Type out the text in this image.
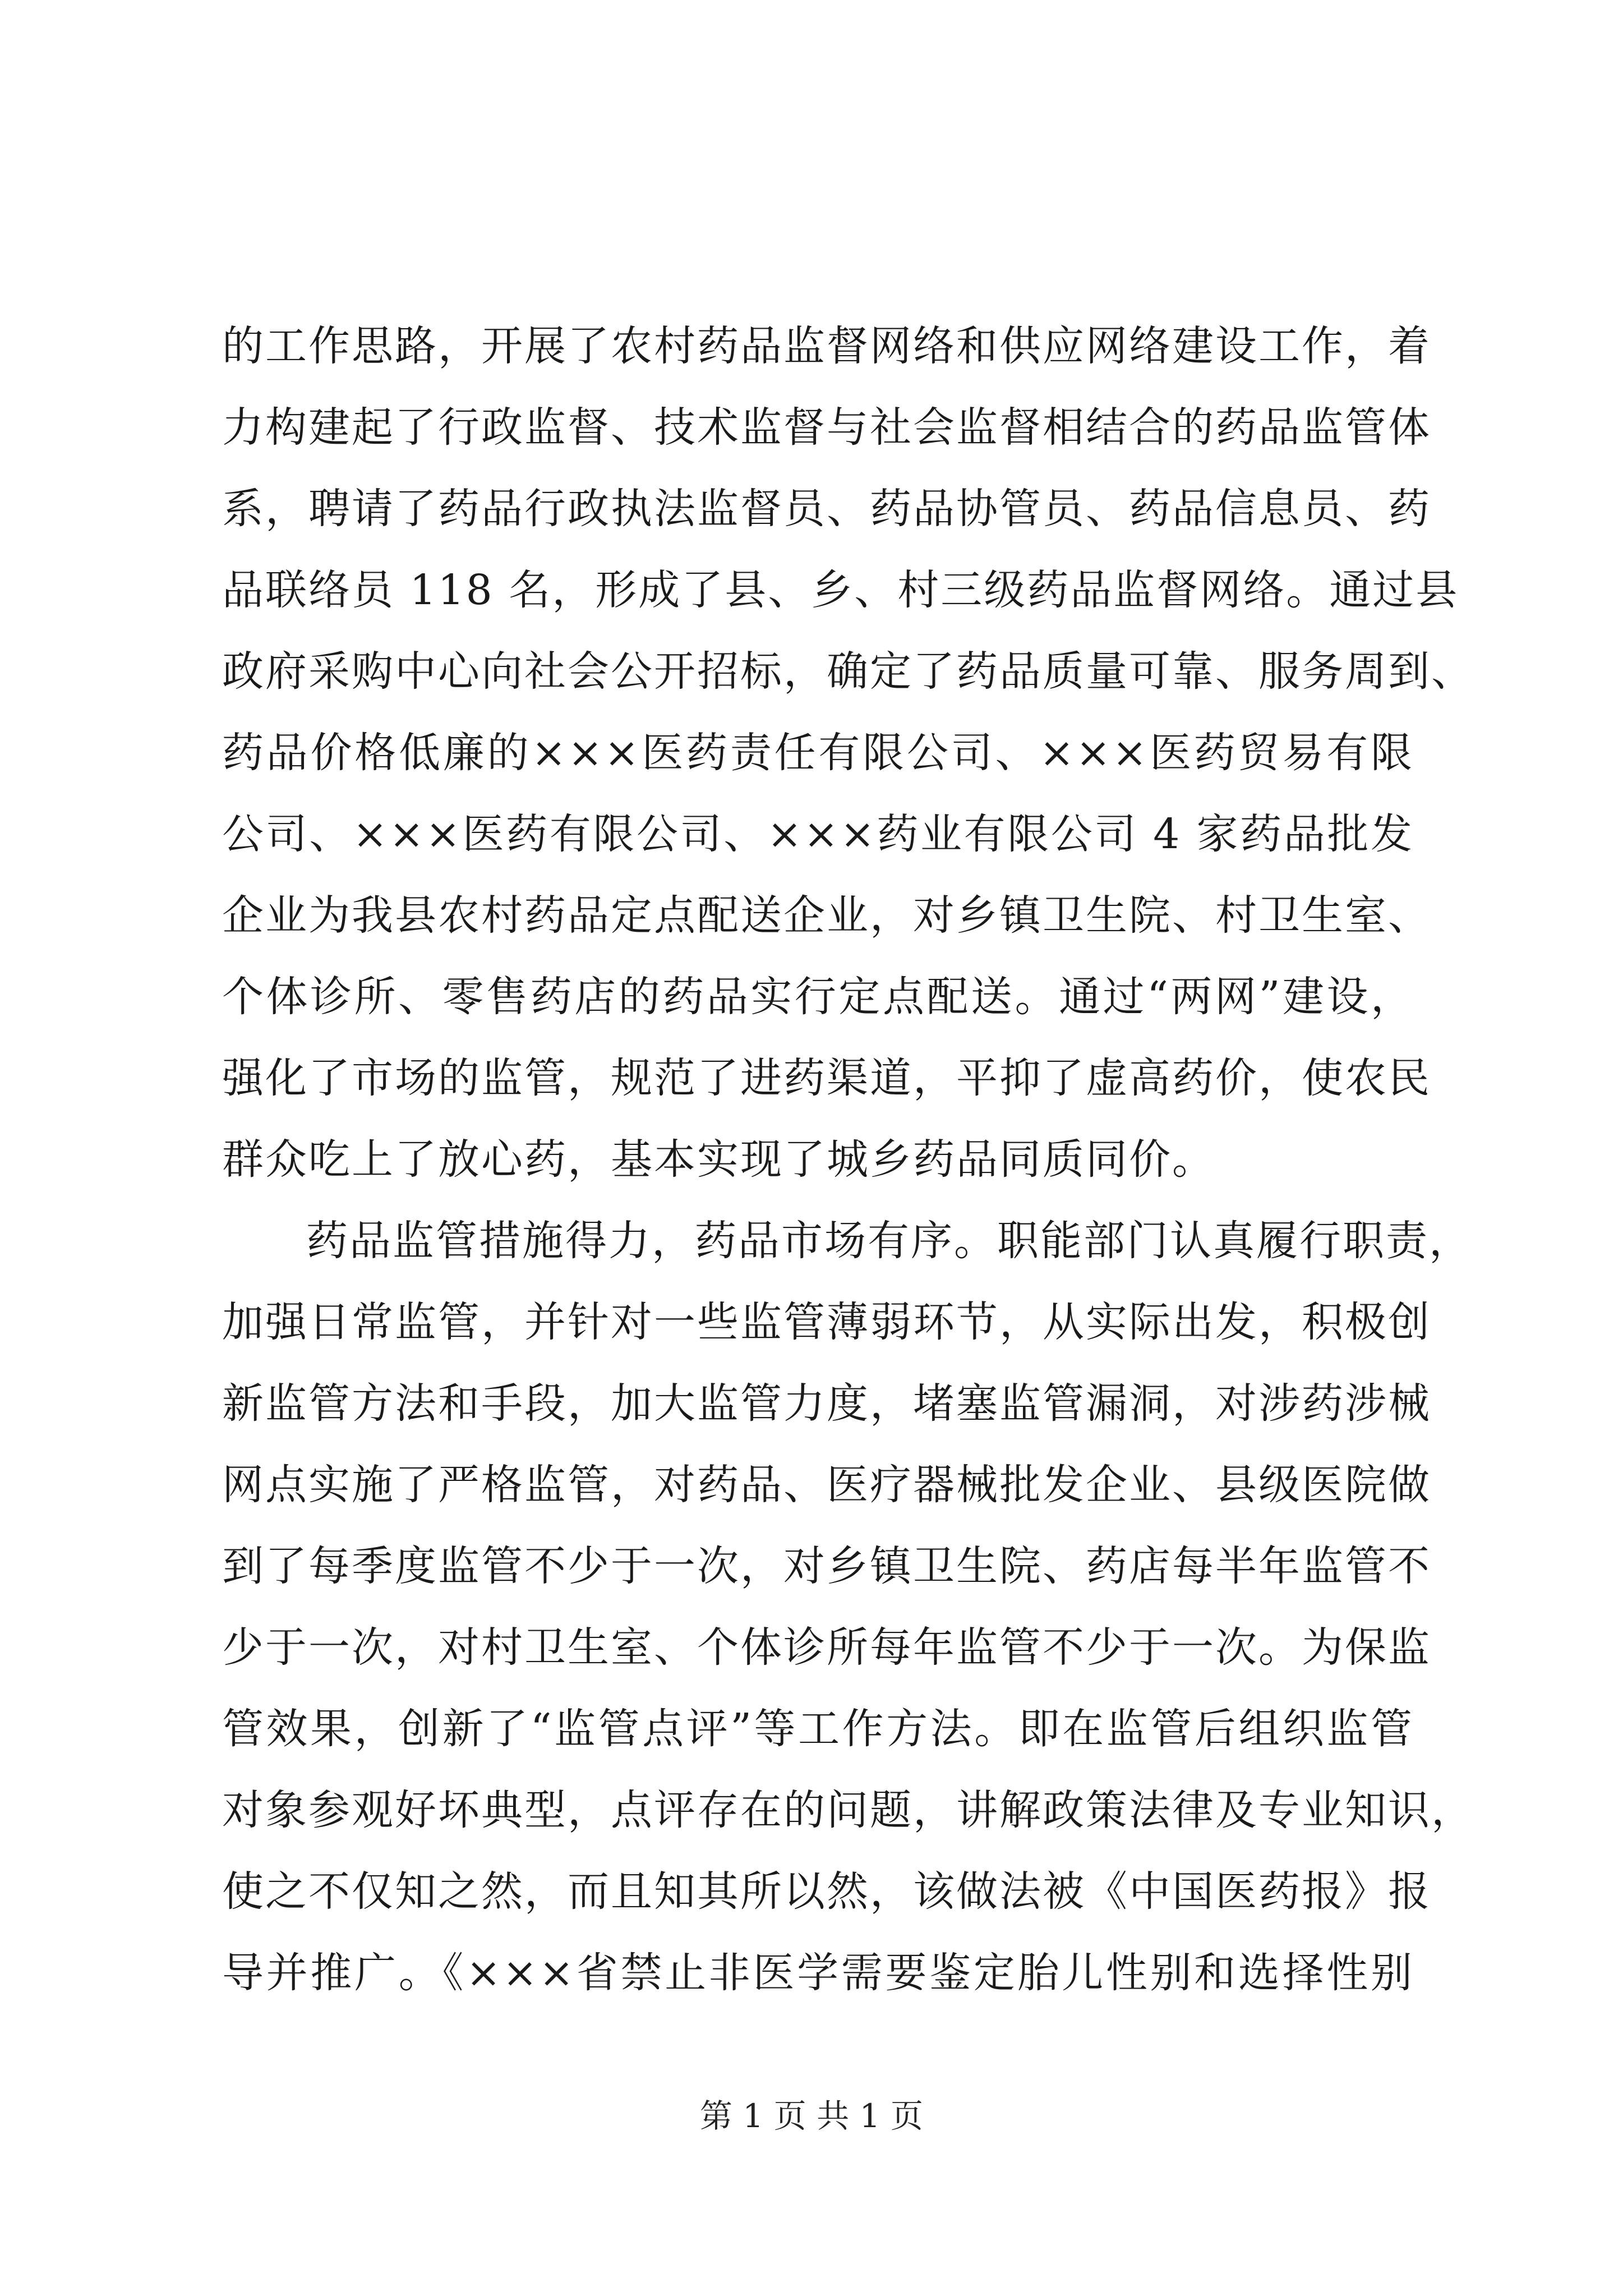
的工作思路，开展了农村药品监督网络和供应网络建设工作，着
力构建起了行政监督、技术监督与社会监督相结合的药品监管体
系，聘请了药品行政执法监督员、药品协管员、药品信息员、药
品联络员 118 名，形成了县、乡、村三级药品监督网络。通过县
政府采购中心向社会公开招标，确定了药品质量可靠、服务周到、
药品价格低廉的×××医药责任有限公司、×××医药贸易有限
公司、×××医药有限公司、×××药业有限公司 4 家药品批发
企业为我县农村药品定点配送企业，对乡镇卫生院、村卫生室、
个体诊所、零售药店的药品实行定点配送。通过“两网”建设，
强化了市场的监管，规范了进药渠道，平抑了虚高药价，使农民
群众吃上了放心药，基本实现了城乡药品同质同价。
药品监管措施得力，药品市场有序。职能部门认真履行职责，
加强日常监管，并针对一些监管薄弱环节，从实际出发，积极创
新监管方法和手段，加大监管力度，堵塞监管漏洞，对涉药涉械
网点实施了严格监管，对药品、医疗器械批发企业、县级医院做
到了每季度监管不少于一次，对乡镇卫生院、药店每半年监管不
少于一次，对村卫生室、个体诊所每年监管不少于一次。为保监
管效果，创新了“监管点评”等工作方法。即在监管后组织监管
对象参观好坏典型，点评存在的问题，讲解政策法律及专业知识，
使之不仅知之然，而且知其所以然，该做法被《中国医药报》报
导并推广。《×××省禁止非医学需要鉴定胎儿性别和选择性别
第 1 页 共 1 页
